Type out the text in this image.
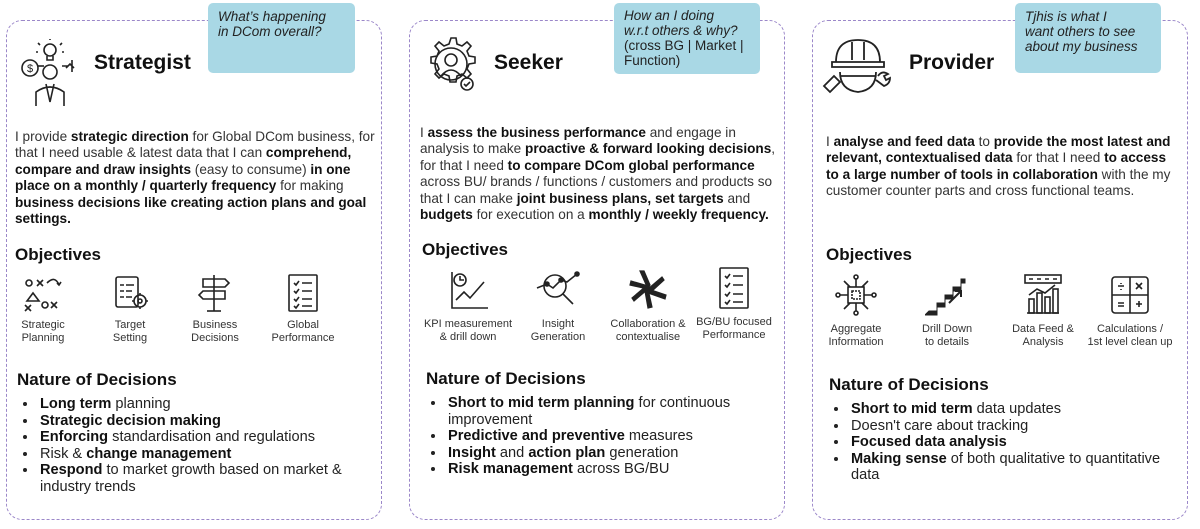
What’s happening
in DCom overall?
$	Strategist

I provide strategic direction for Global DCom business, for that I need usable & latest data that I can comprehend, compare and draw insights (easy to consume) in one place on a monthly / quarterly frequency for making business decisions like creating action plans and goal settings.

Objectives
Strategic
Planning
Target
Setting
Business
Decisions
Global
Performance
Nature of Decisions
• Long term planning
• Strategic decision making
• Enforcing standardisation and regulations
• Risk & change management
• Respond to market growth based on market & industry trends
How an I doing
w.r.t others & why?
(cross BG | Market |
Function)
Seeker

I assess the business performance and engage in analysis to make proactive & forward looking decisions, for that I need to compare DCom global performance across BU/ brands / functions / customers and products so that I can make joint business plans, set targets and budgets for execution on a monthly / weekly frequency.

Objectives
KPI measurement
& drill down
Insight
Generation
Collaboration &
contextualise
BG/BU focused
Performance
Nature of Decisions
• Short to mid term planning for continuous improvement
• Predictive and preventive measures
• Insight and action plan generation
• Risk management across BG/BU
Tjhis is what I
want others to see
about my business
Provider

I analyse and feed data to provide the most latest and relevant, contextualised data for that I need to access to a large number of tools in collaboration with the my customer counter parts and cross functional teams.

Objectives
Aggregate
Information
Drill Down
to details
Data Feed &
Analysis
Calculations /
1st level clean up
Nature of Decisions
• Short to mid term data updates
• Doesn't care about tracking
• Focused data analysis
• Making sense of both qualitative to quantitative data
